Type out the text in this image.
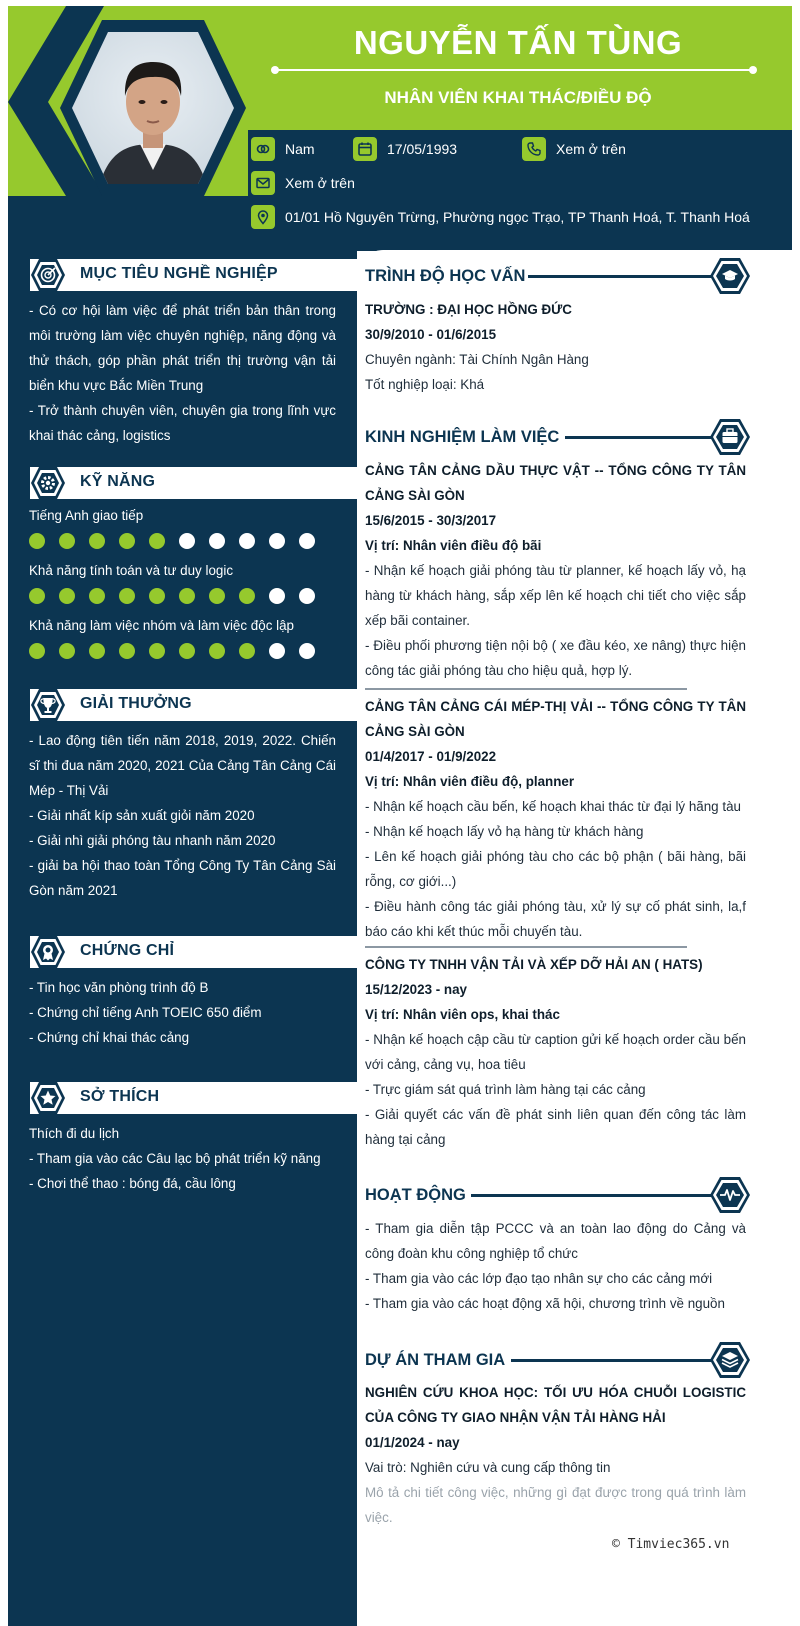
NGUYỄN TẤN TÙNG
NHÂN VIÊN KHAI THÁC/ĐIỀU ĐỘ
Nam	17/05/1993	Xem ở trên
Xem ở trên
01/01 Hồ Nguyên Trừng, Phường ngọc Trạo, TP Thanh Hoá, T. Thanh Hoá
MỤC TIÊU NGHỀ NGHIỆP
- Có cơ hội làm việc để phát triển bản thân trong môi trường làm việc chuyên nghiệp, năng động và thử thách, góp phần phát triển thị trường vận tải biển khu vực Bắc Miền Trung
- Trở thành chuyên viên, chuyên gia trong lĩnh vực khai thác cảng, logistics
KỸ NĂNG
Tiếng Anh giao tiếp
Khả năng tính toán và tư duy logic
Khả năng làm việc nhóm và làm việc độc lập
GIẢI THƯỞNG
- Lao động tiên tiến năm 2018, 2019, 2022. Chiến sĩ thi đua năm 2020, 2021 Của Cảng Tân Cảng Cái Mép - Thị Vải
- Giải nhất kíp sản xuất giỏi năm 2020
- Giải nhì giải phóng tàu nhanh năm 2020
- giải ba hội thao toàn Tổng Công Ty Tân Cảng Sài Gòn năm 2021
CHỨNG CHỈ
- Tin học văn phòng trình độ B
- Chứng chỉ tiếng Anh TOEIC 650 điểm
- Chứng chỉ khai thác cảng
SỞ THÍCH
Thích đi du lịch
- Tham gia vào các Câu lạc bộ phát triển kỹ năng
- Chơi thể thao : bóng đá, cầu lông
TRÌNH ĐỘ HỌC VẤN
TRƯỜNG : ĐẠI HỌC HỒNG ĐỨC
30/9/2010 - 01/6/2015
Chuyên ngành: Tài Chính Ngân Hàng
Tốt nghiệp loại: Khá
KINH NGHIỆM LÀM VIỆC
CẢNG TÂN CẢNG DẦU THỰC VẬT -- TỔNG CÔNG TY TÂN CẢNG SÀI GÒN
15/6/2015 - 30/3/2017
Vị trí: Nhân viên điều độ bãi
- Nhận kế hoạch giải phóng tàu từ planner, kế hoạch lấy vỏ, hạ hàng từ khách hàng, sắp xếp lên kế hoạch chi tiết cho việc sắp xếp bãi container.
- Điều phối phương tiện nội bộ ( xe đầu kéo, xe nâng) thực hiện công tác giải phóng tàu cho hiệu quả, hợp lý.
CẢNG TÂN CẢNG CÁI MÉP-THỊ VẢI -- TỔNG CÔNG TY TÂN CẢNG SÀI GÒN
01/4/2017 - 01/9/2022
Vị trí: Nhân viên điều độ, planner
- Nhận kế hoạch cầu bến, kế hoạch khai thác từ đại lý hãng tàu
- Nhận kế hoạch lấy vỏ hạ hàng từ khách hàng
- Lên kế hoạch giải phóng tàu cho các bộ phận ( bãi hàng, bãi rỗng, cơ giới...)
- Điều hành công tác giải phóng tàu, xử lý sự cố phát sinh, la,f báo cáo khi kết thúc mỗi chuyến tàu.
CÔNG TY TNHH VẬN TẢI VÀ XẾP DỠ HẢI AN ( HATS)
15/12/2023 - nay
Vị trí: Nhân viên ops, khai thác
- Nhận kế hoạch cập cầu từ caption gửi kế hoạch order cầu bến với cảng, cảng vụ, hoa tiêu
- Trực giám sát quá trình làm hàng tại các cảng
- Giải quyết các vấn đề phát sinh liên quan đến công tác làm hàng tại cảng
HOẠT ĐỘNG
- Tham gia diễn tập PCCC và an toàn lao động do Cảng và công đoàn khu công nghiệp tổ chức
- Tham gia vào các lớp đạo tạo nhân sự cho các cảng mới
- Tham gia vào các hoạt động xã hội, chương trình về nguồn
DỰ ÁN THAM GIA
NGHIÊN CỨU KHOA HỌC: TỐI ƯU HÓA CHUỖI LOGISTIC CỦA CÔNG TY GIAO NHẬN VẬN TẢI HÀNG HẢI
01/1/2024 - nay
Vai trò: Nghiên cứu và cung cấp thông tin
Mô tả chi tiết công việc, những gì đạt được trong quá trình làm việc.
© Timviec365.vn
